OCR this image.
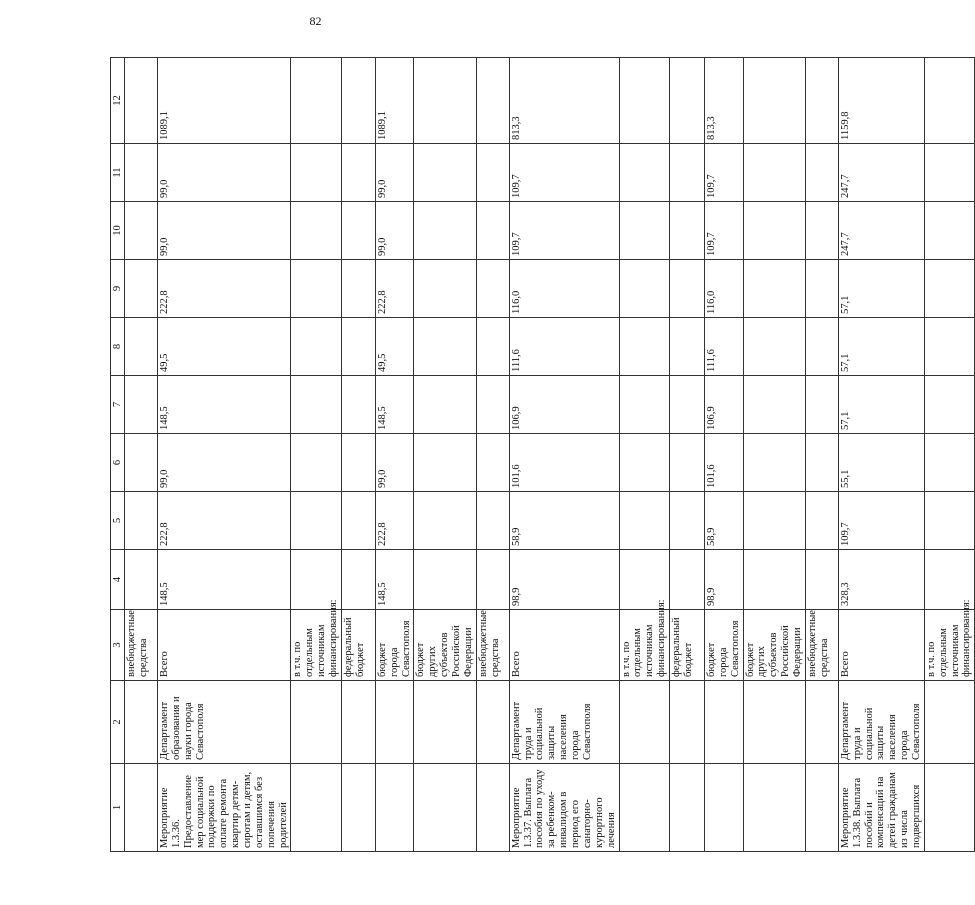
82
1	2	3	4	5	6	7	8	9	10	11	12
		внебюджетные средства									
Мероприятие 1.3.36. Предоставление мер социальной поддержки по оплате ремонта квартир детям-сиротам и детям, оставшимся без попечения родителей	Департамент образования и науки города Севастополя	Всего	148,5	222,8	99,0	148,5	49,5	222,8	99,0	99,0	1089,1
		в т.ч. по отдельным источникам финансирования:									
		федеральный бюджет									
		бюджет города Севастополя	148,5	222,8	99,0	148,5	49,5	222,8	99,0	99,0	1089,1
		бюджет других субъектов Российской Федерации									
		внебюджетные средства									
Мероприятие 1.3.37. Выплата пособия по уходу за ребенком-инвалидом в период его санаторно-курортного лечения	Департамент труда и социальной защиты населения города Севастополя	Всего	98,9	58,9	101,6	106,9	111,6	116,0	109,7	109,7	813,3
		в т.ч. по отдельным источникам финансирования:									
		федеральный бюджет									
		бюджет города Севастополя	98,9	58,9	101,6	106,9	111,6	116,0	109,7	109,7	813,3
		бюджет других субъектов Российской Федерации									
		внебюджетные средства									
Мероприятие 1.3.38. Выплата пособий и компенсаций на детей гражданам из числа подвергшихся	Департамент труда и социальной защиты населения города Севастополя	Всего	328,3	109,7	55,1	57,1	57,1	57,1	247,7	247,7	1159,8
		в т.ч. по отдельным источникам финансирования:									
